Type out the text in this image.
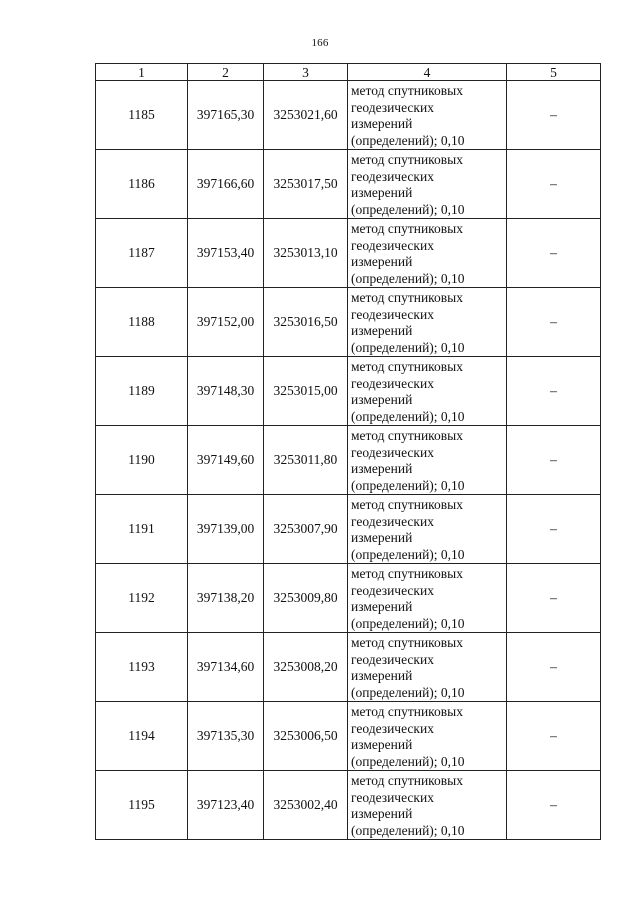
166
1	2	3	4	5
1185	397165,30	3253021,60	метод спутниковых
геодезических
измерений
(определений); 0,10	–
1186	397166,60	3253017,50	метод спутниковых
геодезических
измерений
(определений); 0,10	–
1187	397153,40	3253013,10	метод спутниковых
геодезических
измерений
(определений); 0,10	–
1188	397152,00	3253016,50	метод спутниковых
геодезических
измерений
(определений); 0,10	–
1189	397148,30	3253015,00	метод спутниковых
геодезических
измерений
(определений); 0,10	–
1190	397149,60	3253011,80	метод спутниковых
геодезических
измерений
(определений); 0,10	–
1191	397139,00	3253007,90	метод спутниковых
геодезических
измерений
(определений); 0,10	–
1192	397138,20	3253009,80	метод спутниковых
геодезических
измерений
(определений); 0,10	–
1193	397134,60	3253008,20	метод спутниковых
геодезических
измерений
(определений); 0,10	–
1194	397135,30	3253006,50	метод спутниковых
геодезических
измерений
(определений); 0,10	–
1195	397123,40	3253002,40	метод спутниковых
геодезических
измерений
(определений); 0,10	–
